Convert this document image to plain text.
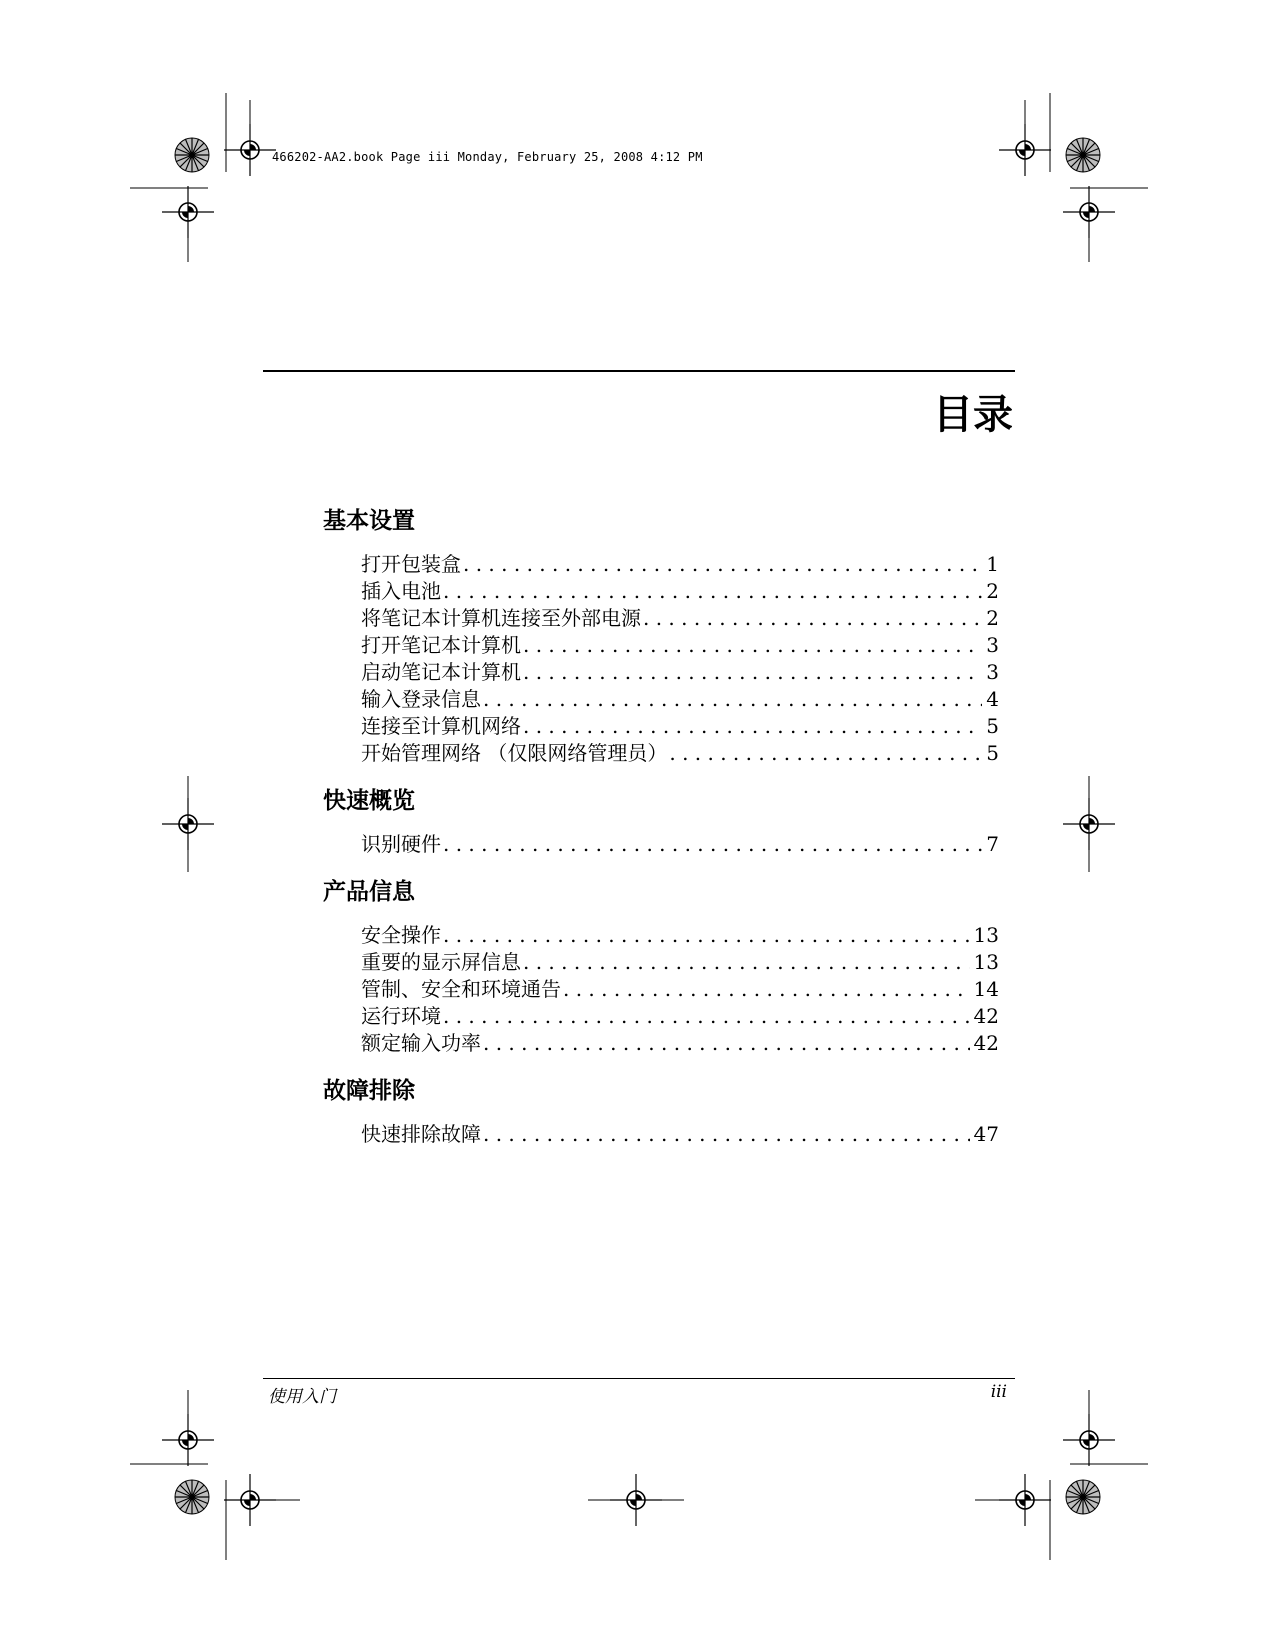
466202-AA2.book Page iii Monday, February 25, 2008 4:12 PM
目录
基本设置
打开包装盒 . . .	1
插入电池 . . .	2
将笔记本计算机连接至外部电源 . . .	2
打开笔记本计算机 . . .	3
启动笔记本计算机 . . .	3
输入登录信息 . . .	4
连接至计算机网络 . . .	5
开始管理网络 （仅限网络管理员） . . .	5
快速概览
识别硬件 . . .	7
产品信息
安全操作 . . .	13
重要的显示屏信息 . . .	13
管制、安全和环境通告 . . .	14
运行环境 . . .	42
额定输入功率 . . .	42
故障排除
快速排除故障 . . .	47
使用入门	iii
